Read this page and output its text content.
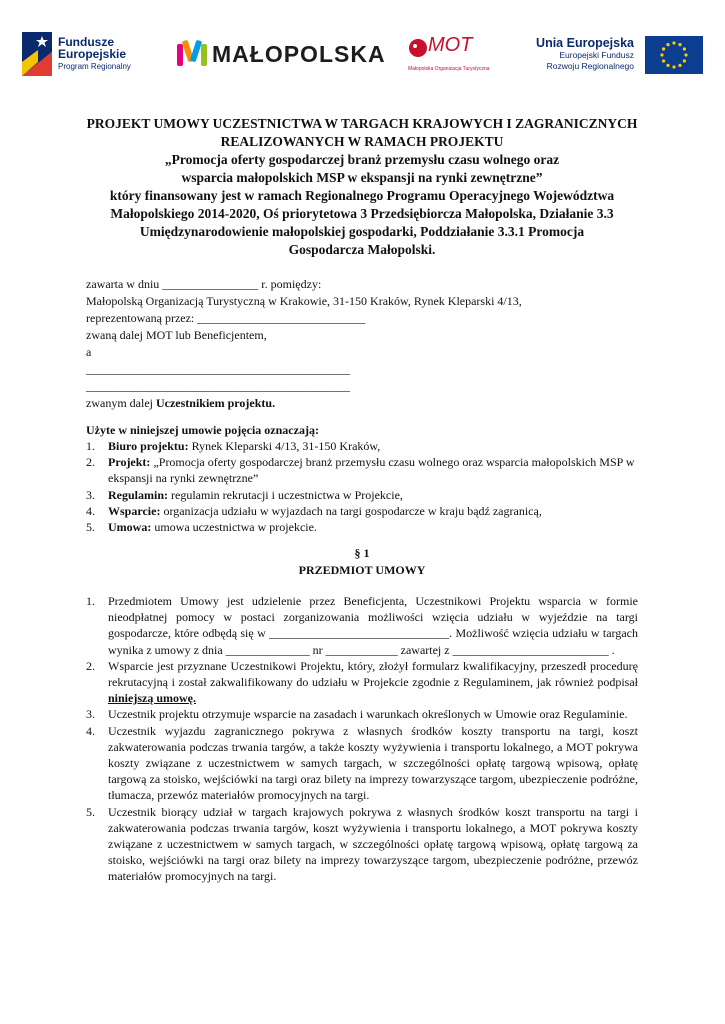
Fundusze
Europejskie
Program Regionalny	MAŁOPOLSKA MOT
Małopolska Organizacja Turystyczna
Unia Europejska
Europejski Fundusz
Rozwoju Regionalnego
PROJEKT UMOWY UCZESTNICTWA W TARGACH KRAJOWYCH I ZAGRANICZNYCH
REALIZOWANYCH W RAMACH PROJEKTU
„Promocja oferty gospodarczej branż przemysłu czasu wolnego oraz
wsparcia małopolskich MSP w ekspansji na rynki zewnętrzne”
który finansowany jest w ramach Regionalnego Programu Operacyjnego Województwa
Małopolskiego 2014-2020, Oś priorytetowa 3 Przedsiębiorcza Małopolska, Działanie 3.3
Umiędzynarodowienie małopolskiej gospodarki, Poddziałanie 3.3.1 Promocja
Gospodarcza Małopolski.
zawarta w dniu ________________ r. pomiędzy:
Małopolską Organizacją Turystyczną w Krakowie, 31-150 Kraków, Rynek Kleparski 4/13,
reprezentowaną przez: ____________________________
zwaną dalej MOT lub Beneficjentem,
a
____________________________________________
____________________________________________
zwanym dalej Uczestnikiem projektu.
Użyte w niniejszej umowie pojęcia oznaczają:
1. Biuro projektu: Rynek Kleparski 4/13, 31-150 Kraków,
2. Projekt: „Promocja oferty gospodarczej branż przemysłu czasu wolnego oraz wsparcia małopolskich MSP w ekspansji na rynki zewnętrzne”
3. Regulamin: regulamin rekrutacji i uczestnictwa w Projekcie,
4. Wsparcie: organizacja udziału w wyjazdach na targi gospodarcze w kraju bądź zagranicą,
5. Umowa: umowa uczestnictwa w projekcie.
§ 1
PRZEDMIOT UMOWY
1. Przedmiotem Umowy jest udzielenie przez Beneficjenta, Uczestnikowi Projektu wsparcia w formie nieodpłatnej pomocy w postaci zorganizowania możliwości wzięcia udziału w wyjeździe na targi gospodarcze, które odbędą się w ______________________________. Możliwość wzięcia udziału w targach wynika z umowy z dnia ______________ nr ____________ zawartej z __________________________ .
2. Wsparcie jest przyznane Uczestnikowi Projektu, który, złożył formularz kwalifikacyjny, przeszedł procedurę rekrutacyjną i został zakwalifikowany do udziału w Projekcie zgodnie z Regulaminem, jak również podpisał niniejszą umowę.
3. Uczestnik projektu otrzymuje wsparcie na zasadach i warunkach określonych w Umowie oraz Regulaminie.
4. Uczestnik wyjazdu zagranicznego pokrywa z własnych środków koszty transportu na targi, koszt zakwaterowania podczas trwania targów, a także koszty wyżywienia i transportu lokalnego, a MOT pokrywa koszty związane z uczestnictwem w samych targach, w szczególności opłatę targową wpisową, opłatę targową za stoisko, wejściówki na targi oraz bilety na imprezy towarzyszące targom, ubezpieczenie podróżne, tłumacza, przewóz materiałów promocyjnych na targi.
5. Uczestnik biorący udział w targach krajowych pokrywa z własnych środków koszt transportu na targi i zakwaterowania podczas trwania targów, koszt wyżywienia i transportu lokalnego, a MOT pokrywa koszty związane z uczestnictwem w samych targach, w szczególności opłatę targową wpisową, opłatę targową za stoisko, wejściówki na targi oraz bilety na imprezy towarzyszące targom, ubezpieczenie podróżne, przewóz materiałów promocyjnych na targi.
